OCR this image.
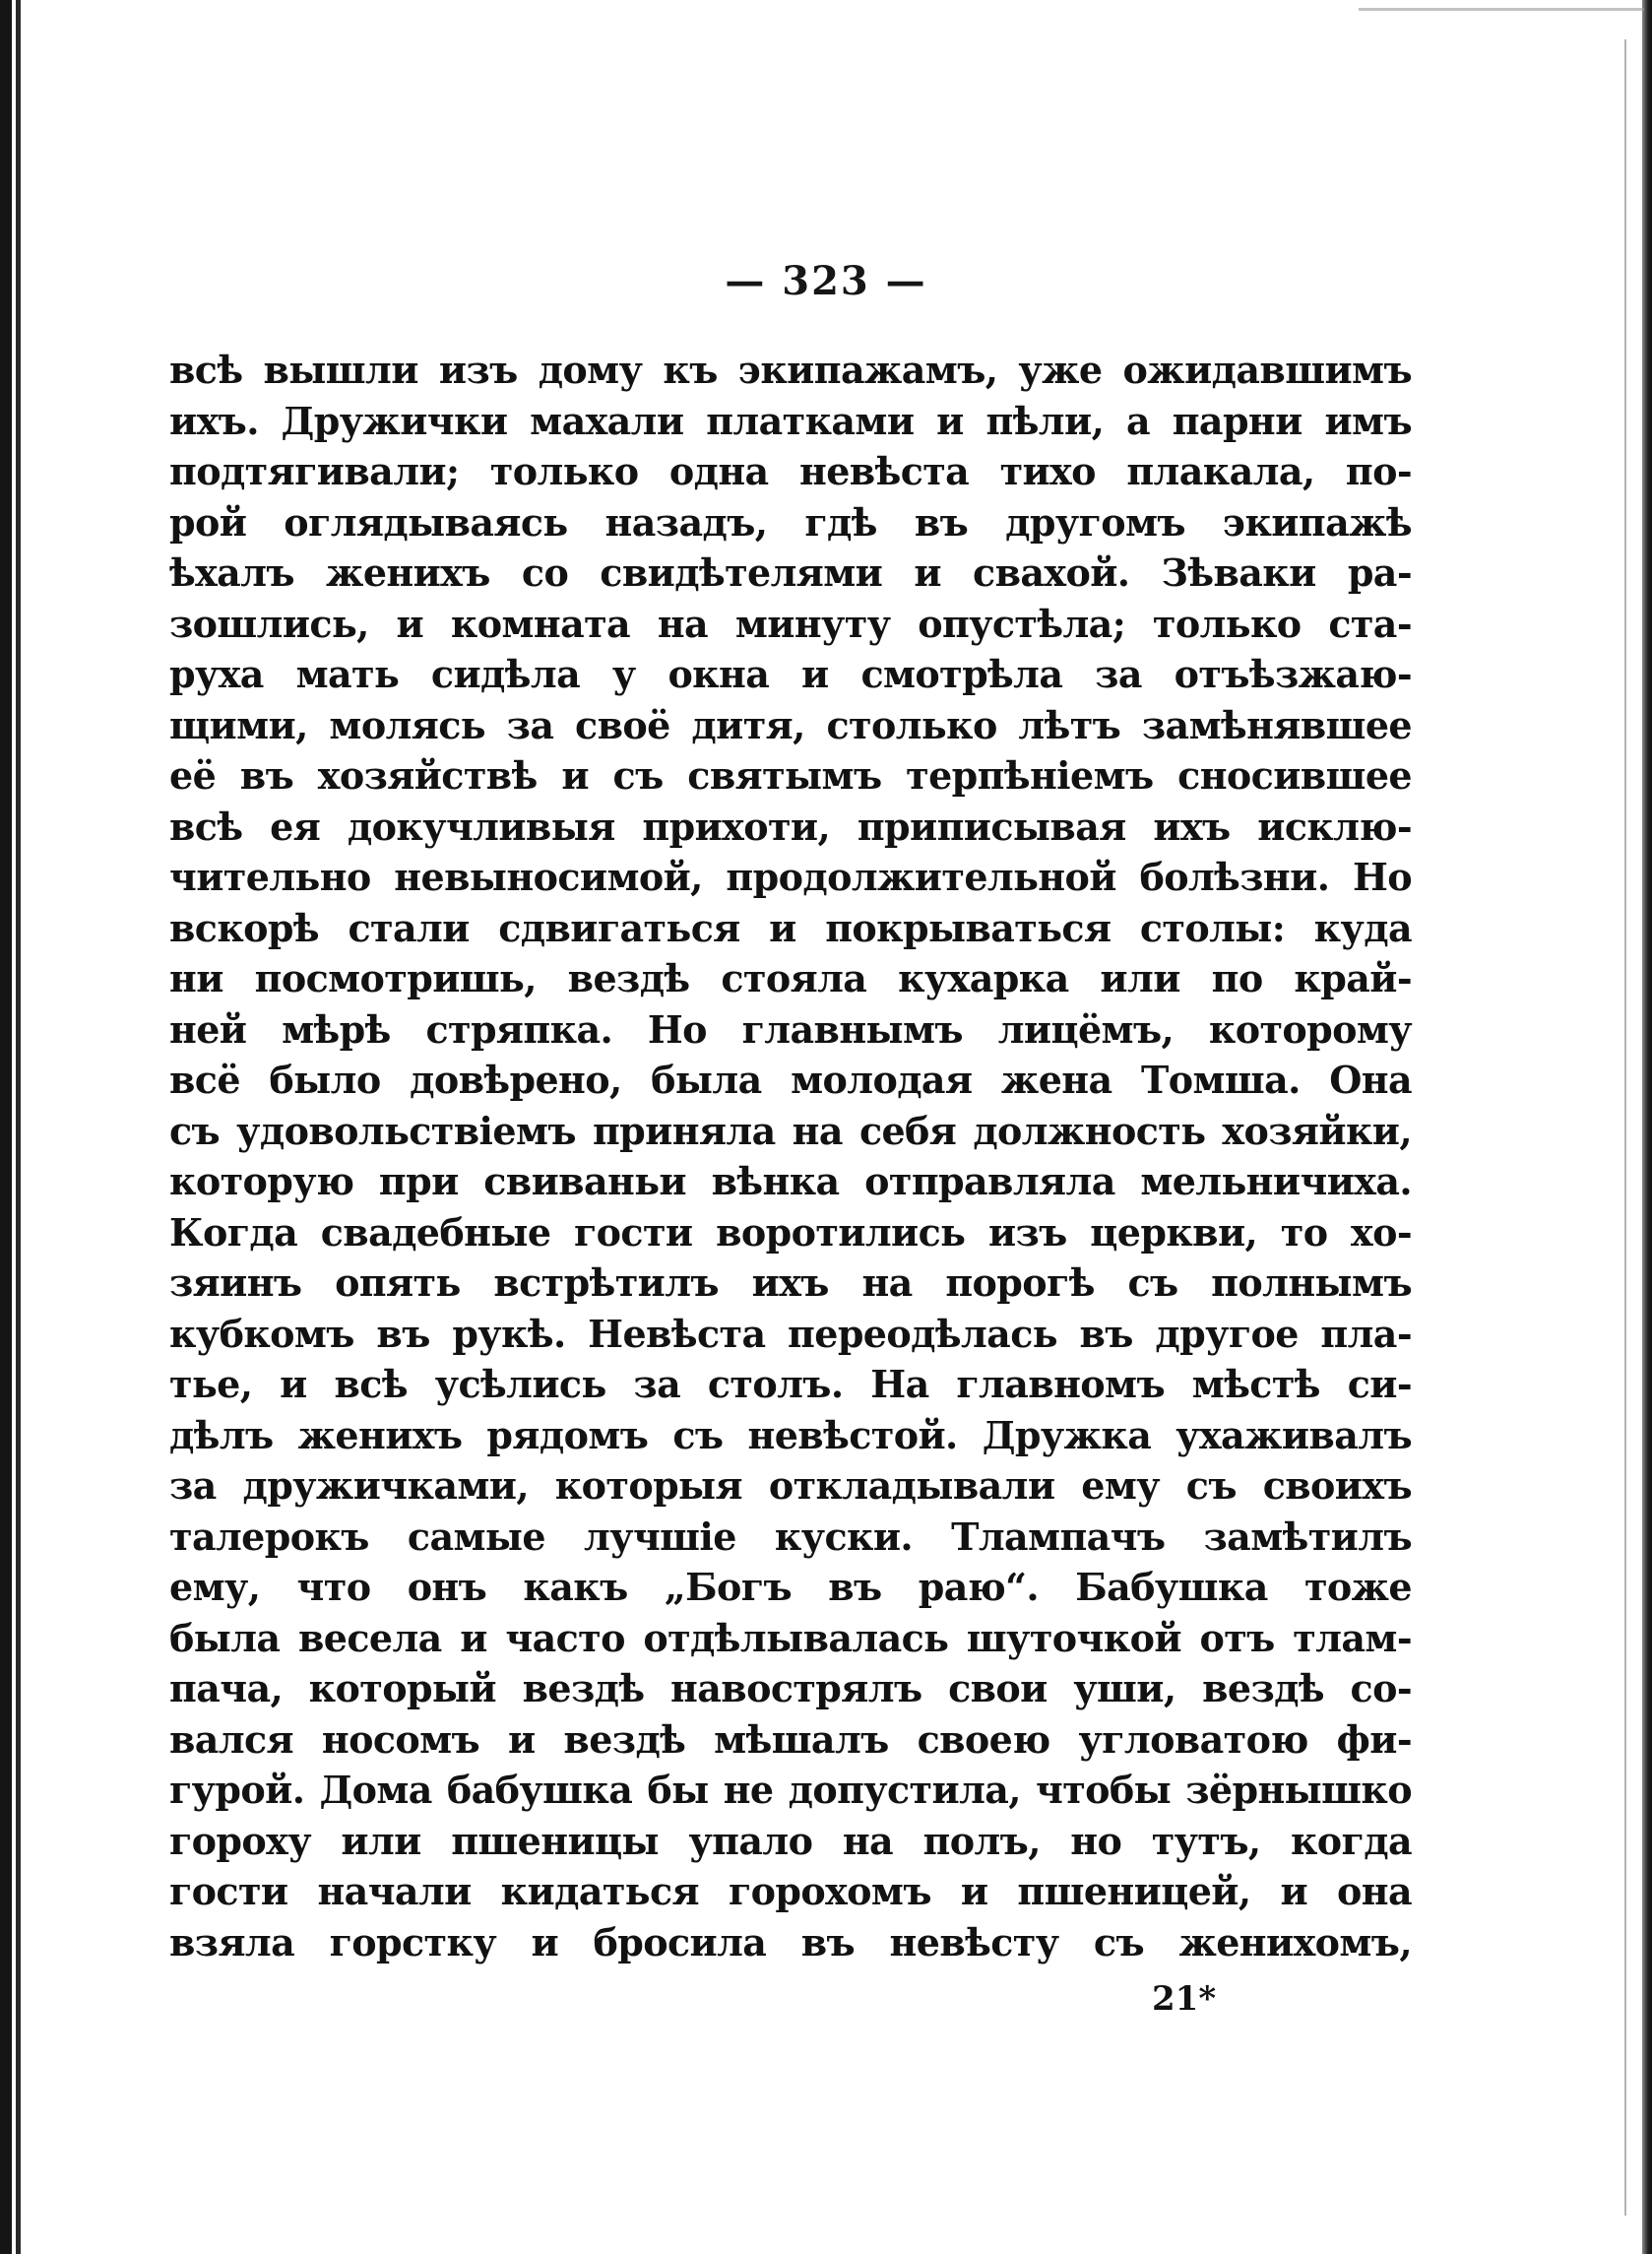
— 323 —
всѣ вышли изъ дому къ экипажамъ, уже ожидавшимъ
ихъ. Дружички махали платками и пѣли, а парни имъ
подтягивали; только одна невѣста тихо плакала, по-
рой оглядываясь назадъ, гдѣ въ другомъ экипажѣ
ѣхалъ женихъ со свидѣтелями и свахой. Зѣваки ра-
зошлись, и комната на минуту опустѣла; только ста-
руха мать сидѣла у окна и смотрѣла за отъѣзжаю-
щими, молясь за своё дитя, столько лѣтъ замѣнявшее
её въ хозяйствѣ и съ святымъ терпѣніемъ сносившее
всѣ ея докучливыя прихоти, приписывая ихъ исклю-
чительно невыносимой, продолжительной болѣзни. Но
вскорѣ стали сдвигаться и покрываться столы: куда
ни посмотришь, вездѣ стояла кухарка или по край-
ней мѣрѣ стряпка. Но главнымъ лицёмъ, которому
всё было довѣрено, была молодая жена Томша. Она
съ удовольствіемъ приняла на себя должность хозяйки,
которую при свиваньи вѣнка отправляла мельничиха.
Когда свадебные гости воротились изъ церкви, то хо-
зяинъ опять встрѣтилъ ихъ на порогѣ съ полнымъ
кубкомъ въ рукѣ. Невѣста переодѣлась въ другое пла-
тье, и всѣ усѣлись за столъ. На главномъ мѣстѣ си-
дѣлъ женихъ рядомъ съ невѣстой. Дружка ухаживалъ
за дружичками, которыя откладывали ему съ своихъ
талерокъ самые лучшіе куски. Тлампачъ замѣтилъ
ему, что онъ какъ „Богъ въ раю“. Бабушка тоже
была весела и часто отдѣлывалась шуточкой отъ тлам-
пача, который вездѣ навострялъ свои уши, вездѣ со-
вался носомъ и вездѣ мѣшалъ своею угловатою фи-
гурой. Дома бабушка бы не допустила, чтобы зёрнышко
гороху или пшеницы упало на полъ, но тутъ, когда
гости начали кидаться горохомъ и пшеницей, и она
взяла горстку и бросила въ невѣсту съ женихомъ,
21*
